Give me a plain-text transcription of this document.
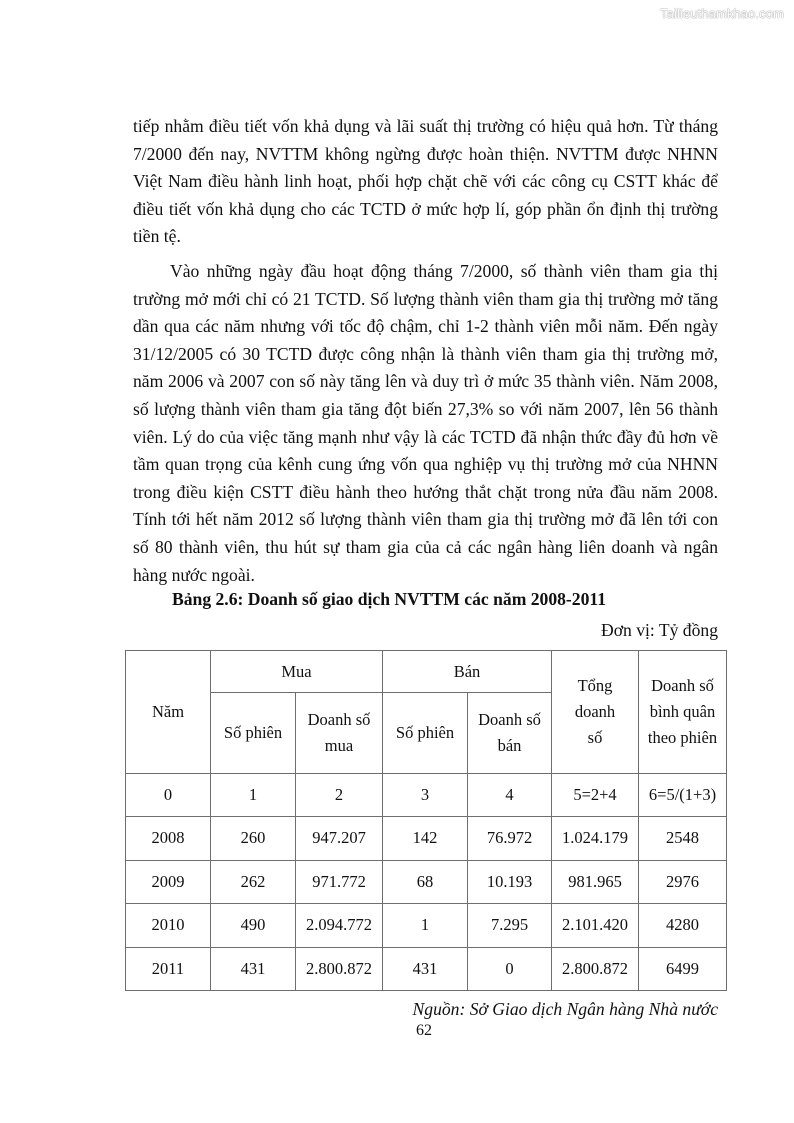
Tailieuthamkhao.com

tiếp nhằm điều tiết vốn khả dụng và lãi suất thị trường có hiệu quả hơn. Từ tháng 7/2000 đến nay, NVTTM không ngừng được hoàn thiện. NVTTM được NHNN Việt Nam điều hành linh hoạt, phối hợp chặt chẽ với các công cụ CSTT khác để điều tiết vốn khả dụng cho các TCTD ở mức hợp lí, góp phần ổn định thị trường tiền tệ.

Vào những ngày đầu hoạt động tháng 7/2000, số thành viên tham gia thị trường mở mới chỉ có 21 TCTD. Số lượng thành viên tham gia thị trường mở tăng dần qua các năm nhưng với tốc độ chậm, chỉ 1-2 thành viên mỗi năm. Đến ngày 31/12/2005 có 30 TCTD được công nhận là thành viên tham gia thị trường mở, năm 2006 và 2007 con số này tăng lên và duy trì ở mức 35 thành viên. Năm 2008, số lượng thành viên tham gia tăng đột biến 27,3% so với năm 2007, lên 56 thành viên. Lý do của việc tăng mạnh như vậy là các TCTD đã nhận thức đầy đủ hơn về tầm quan trọng của kênh cung ứng vốn qua nghiệp vụ thị trường mở của NHNN trong điều kiện CSTT điều hành theo hướng thắt chặt trong nửa đầu năm 2008. Tính tới hết năm 2012 số lượng thành viên tham gia thị trường mở đã lên tới con số 80 thành viên, thu hút sự tham gia của cả các ngân hàng liên doanh và ngân hàng nước ngoài.

Bảng 2.6: Doanh số giao dịch NVTTM các năm 2008-2011

Đơn vị: Tỷ đồng
Năm	Mua		Bán		Tổng doanh số	Doanh số bình quân theo phiên
	Số phiên	Doanh số mua	Số phiên	Doanh số bán		
0	1	2	3	4	5=2+4	6=5/(1+3)
2008	260	947.207	142	76.972	1.024.179	2548
2009	262	971.772	68	10.193	981.965	2976
2010	490	2.094.772	1	7.295	2.101.420	4280
2011	431	2.800.872	431	0	2.800.872	6499
Nguồn: Sở Giao dịch Ngân hàng Nhà nước
62
